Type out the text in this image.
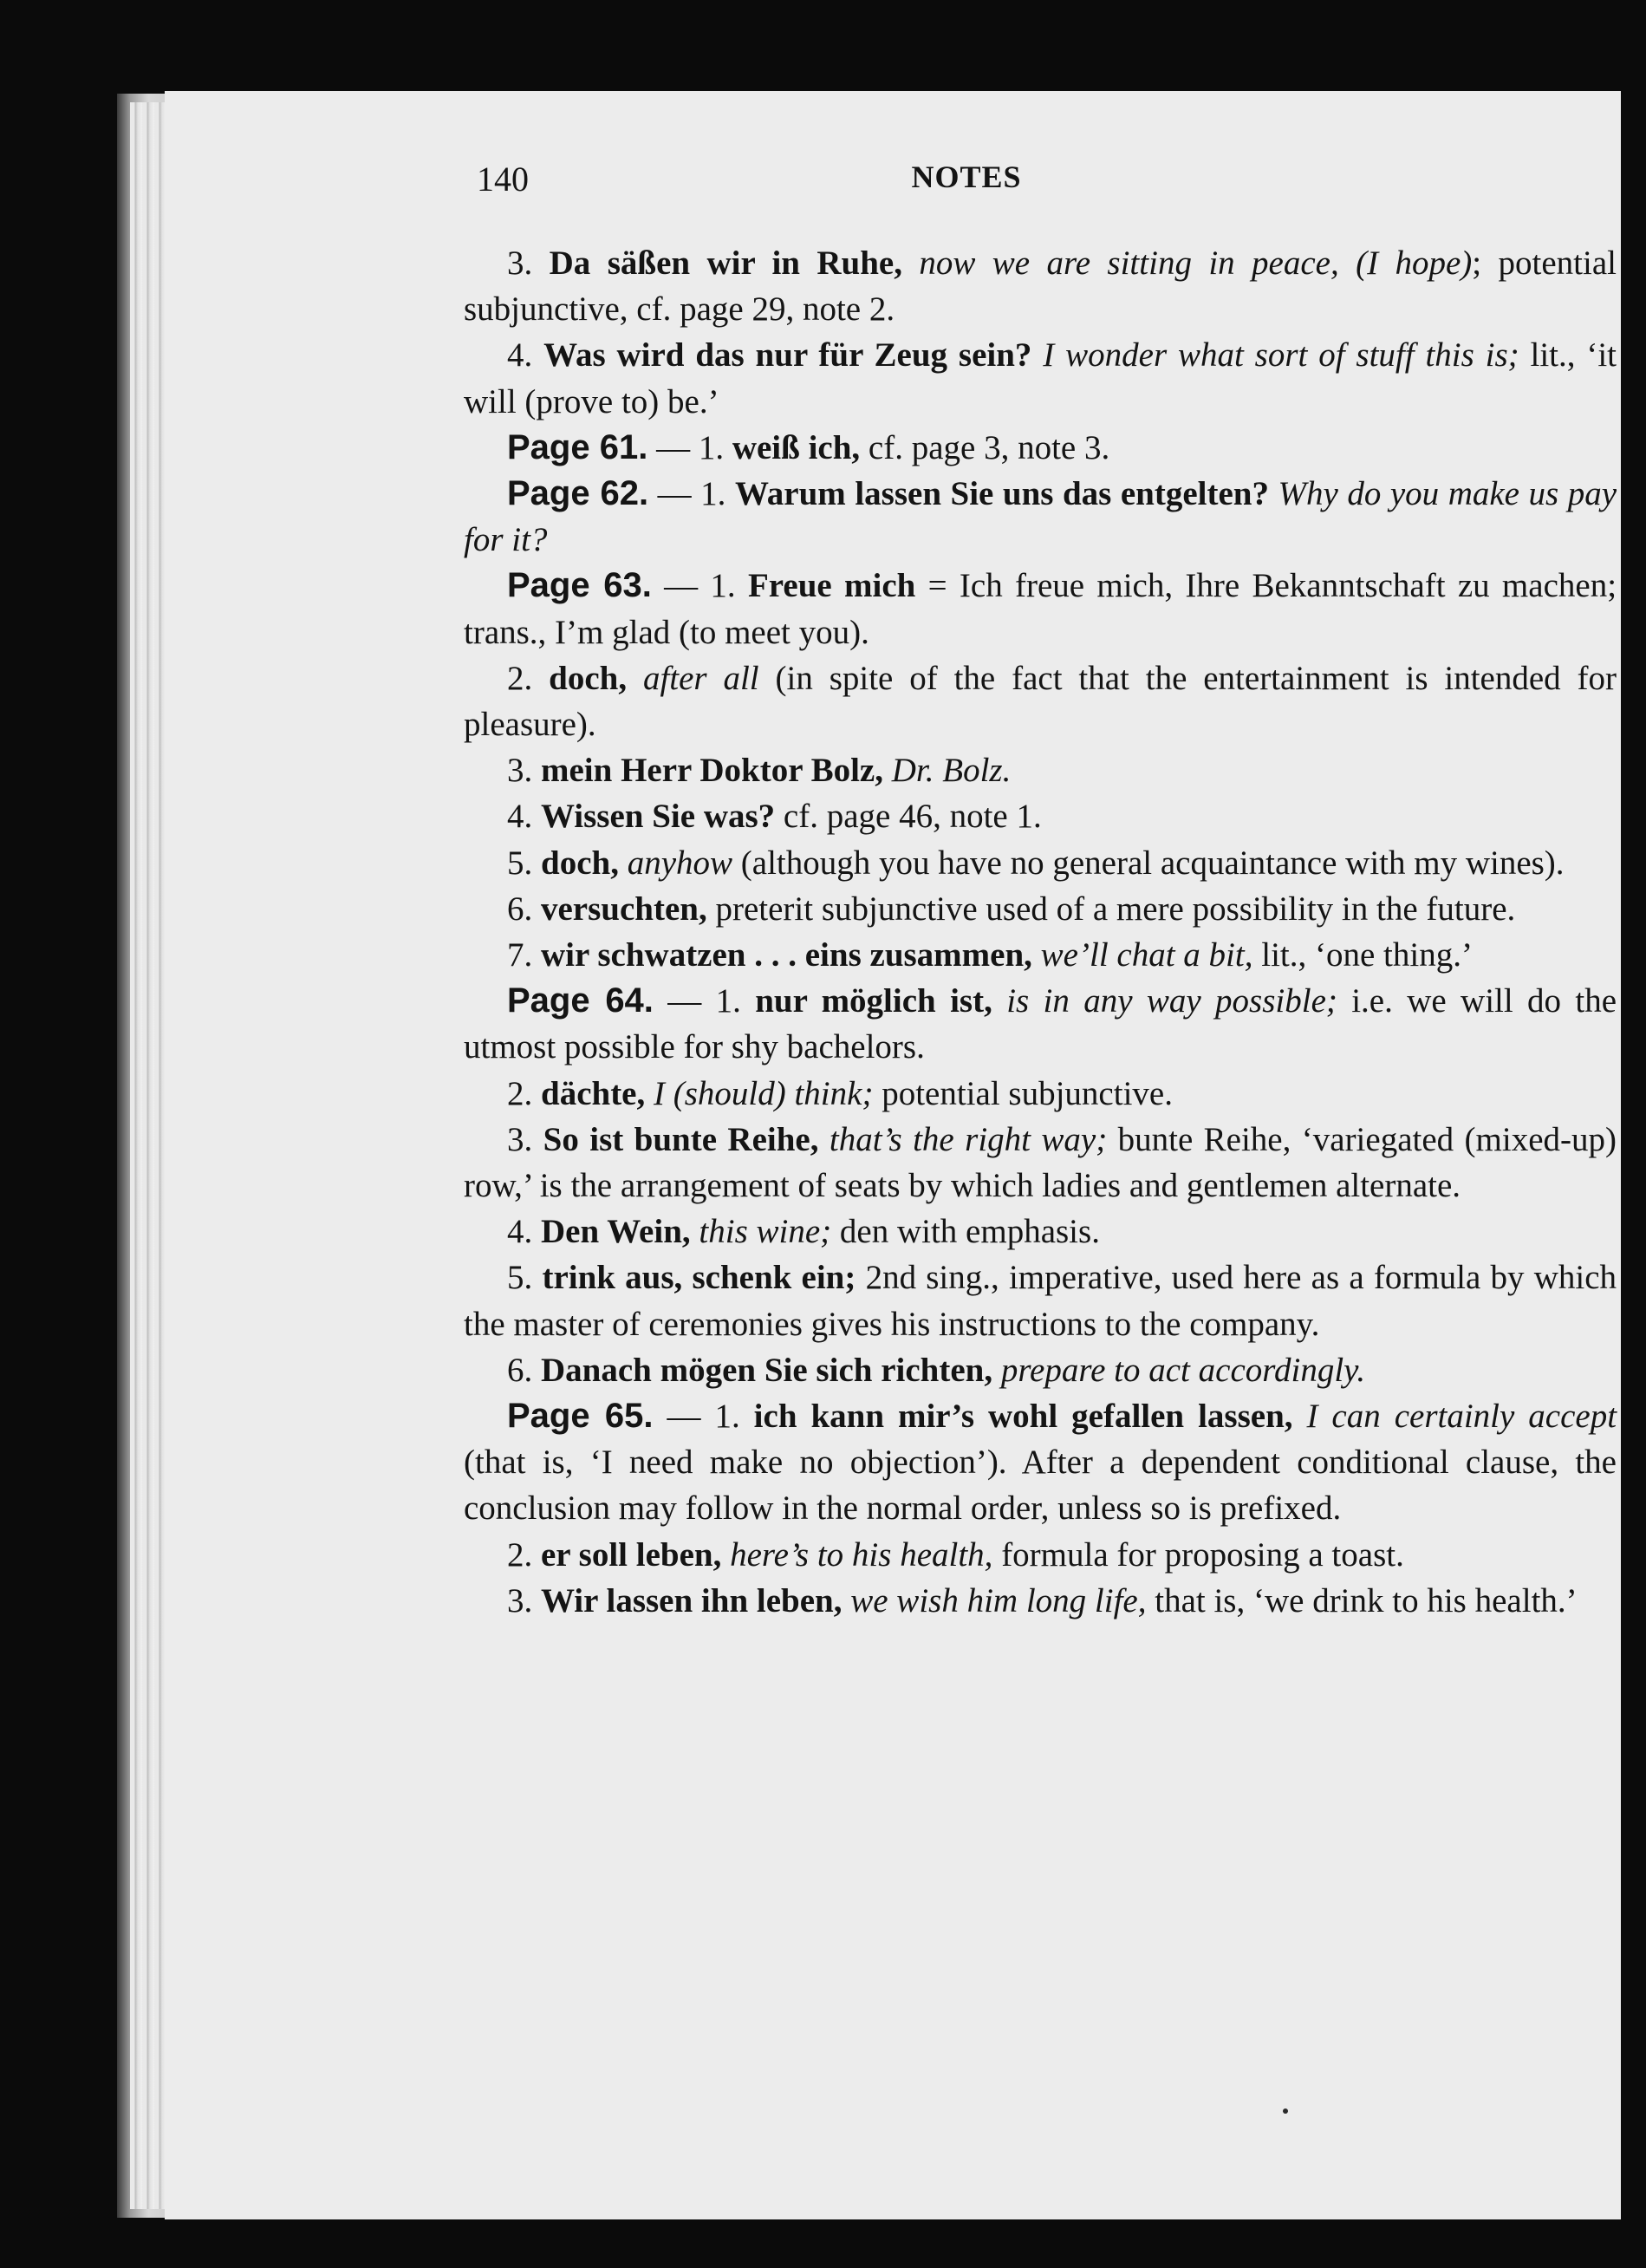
140	NOTES

3. Da säßen wir in Ruhe, now we are sitting in peace, (I hope); potential subjunctive, cf. page 29, note 2.

4. Was wird das nur für Zeug sein? I wonder what sort of stuff this is; lit., ‘it will (prove to) be.’

Page 61. — 1. weiß ich, cf. page 3, note 3.

Page 62. — 1. Warum lassen Sie uns das entgelten? Why do you make us pay for it?

Page 63. — 1. Freue mich = Ich freue mich, Ihre Bekanntschaft zu machen; trans., I’m glad (to meet you).

2. doch, after all (in spite of the fact that the entertainment is intended for pleasure).

3. mein Herr Doktor Bolz, Dr. Bolz.

4. Wissen Sie was? cf. page 46, note 1.

5. doch, anyhow (although you have no general acquaintance with my wines).

6. versuchten, preterit subjunctive used of a mere possibility in the future.

7. wir schwatzen . . . eins zusammen, we’ll chat a bit, lit., ‘one thing.’

Page 64. — 1. nur möglich ist, is in any way possible; i.e. we will do the utmost possible for shy bachelors.

2. dächte, I (should) think; potential subjunctive.

3. So ist bunte Reihe, that’s the right way; bunte Reihe, ‘variegated (mixed-up) row,’ is the arrangement of seats by which ladies and gentlemen alternate.

4. Den Wein, this wine; den with emphasis.

5. trink aus, schenk ein; 2nd sing., imperative, used here as a formula by which the master of ceremonies gives his instructions to the company.

6. Danach mögen Sie sich richten, prepare to act accordingly.

Page 65. — 1. ich kann mir’s wohl gefallen lassen, I can certainly accept (that is, ‘I need make no objection’). After a dependent conditional clause, the conclusion may follow in the normal order, unless so is prefixed.

2. er soll leben, here’s to his health, formula for proposing a toast.

3. Wir lassen ihn leben, we wish him long life, that is, ‘we drink to his health.’
